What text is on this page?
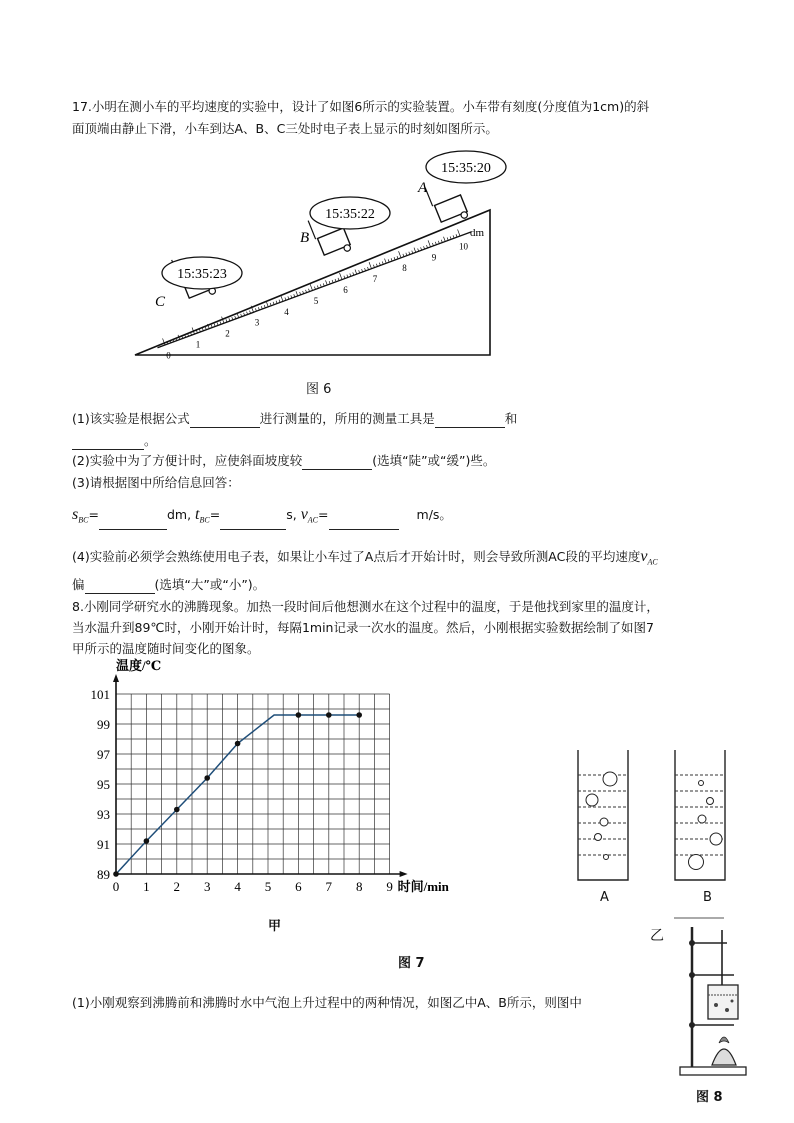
17.小明在测小车的平均速度的实验中，设计了如图6所示的实验装置。小车带有刻度(分度值为1cm)的斜
面顶端由静止下滑，小车到达A、B、C三处时电子表上显示的时刻如图所示。
0
1
2
3
4
5
6
7
8
9
10
dm
15:35:23
15:35:22
15:35:20
A
B
C
图 6
(1)该实验是根据公式	进行测量的，所用的测量工具是	和
。
(2)实验中为了方便计时，应使斜面坡度较	(选填“陡”或“缓”)些。
(3)请根据图中所给信息回答：
$s_{BC}=$	dm, $t_{BC}=$	s, $v_{AC}=$	m/s。
(4)实验前必须学会熟练使用电子表，如果让小车过了A点后才开始计时，则会导致所测AC段的平均速度$v_{AC}$
偏	(选填“大”或“小”)。
8.小刚同学研究水的沸腾现象。加热一段时间后他想测水在这个过程中的温度，于是他找到家里的温度计，
当水温升到89℃时，小刚开始计时，每隔1min记录一次水的温度。然后，小刚根据实验数据绘制了如图7
甲所示的温度随时间变化的图象。
0 1 2 3 4 5 6 7 8 9
89
91
93
95
97
99
101
温度/℃
时间/min
甲
图 7
A	B
乙
图 8
(1)小刚观察到沸腾前和沸腾时水中气泡上升过程中的两种情况，如图乙中A、B所示，则图中
